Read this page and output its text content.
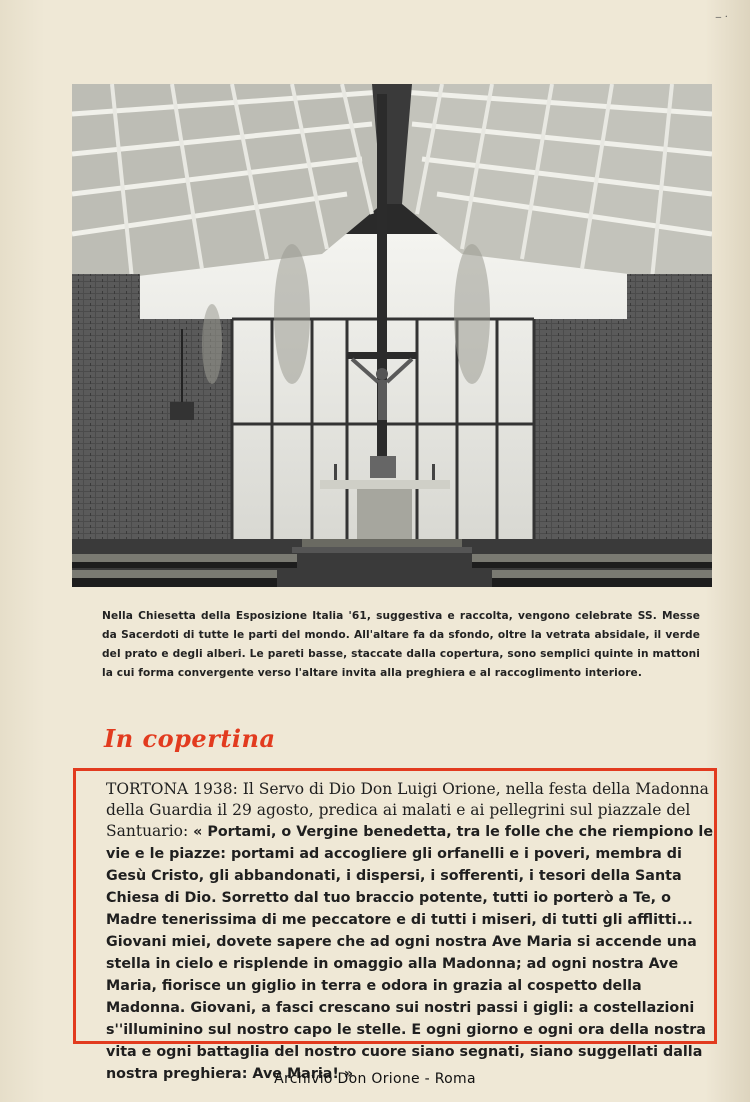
‒ ·
Nella Chiesetta della Esposizione Italia '61, suggestiva e raccolta, vengono celebrate SS. Messe da Sacerdoti di tutte le parti del mondo. All'altare fa da sfondo, oltre la vetrata absidale, il verde del prato e degli alberi. Le pareti basse, staccate dalla copertura, sono semplici quinte in mattoni la cui forma convergente verso l'altare invita alla preghiera e al raccoglimento interiore.
In copertina
TORTONA 1938: Il Servo di Dio Don Luigi Orione, nella festa della Madonna della Guardia il 29 agosto, predica ai malati e ai pellegrini sul piazzale del Santuario: « Portami, o Vergine benedetta, tra le folle che che riempiono le vie e le piazze: portami ad accogliere gli orfanelli e i poveri, membra di Gesù Cristo, gli abbandonati, i dispersi, i sofferenti, i tesori della Santa Chiesa di Dio. Sorretto dal tuo braccio potente, tutti io porterò a Te, o Madre tenerissima di me peccatore e di tutti i miseri, di tutti gli afflitti... Giovani miei, dovete sapere che ad ogni nostra Ave Maria si accende una stella in cielo e risplende in omaggio alla Madonna; ad ogni nostra Ave Maria, fiorisce un giglio in terra e odora in grazia al cospetto della Madonna. Giovani, a fasci crescano sui nostri passi i gigli: a costellazioni s''illuminino sul nostro capo le stelle. E ogni giorno e ogni ora della nostra vita e ogni battaglia del nostro cuore siano segnati, siano suggellati dalla nostra preghiera: Ave Maria! »
Archivio Don Orione - Roma
